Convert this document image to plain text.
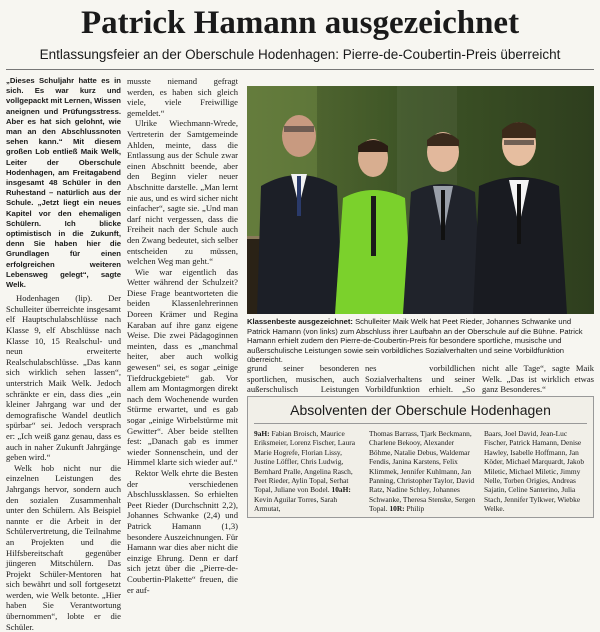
Patrick Hamann ausgezeichnet

Entlassungsfeier an der Oberschule Hodenhagen: Pierre-de-Coubertin-Preis überreicht

„Dieses Schuljahr hatte es in sich. Es war kurz und vollgepackt mit Lernen, Wissen aneignen und Prüfungsstress. Aber es hat sich gelohnt, wie man an den Abschlussnoten sehen kann.“ Mit diesem großen Lob entließ Maik Welk, Leiter der Oberschule Hodenhagen, am Freitagabend insgesamt 48 Schüler in den Ruhestand – natürlich aus der Schule. „Jetzt liegt ein neues Kapitel vor den ehemaligen Schülern. Ich blicke optimistisch in die Zukunft, denn Sie haben hier die Grundlagen für einen erfolgreichen weiteren Lebensweg gelegt“, sagte Welk.

Hodenhagen (lip). Der Schulleiter überreichte insgesamt elf Hauptschulabschlüsse nach Klasse 9, elf Abschlüsse nach Klasse 10, 15 Realschul- und neun erweiterte Realschulabschlüsse. „Das kann sich wirklich sehen lassen“, unterstrich Maik Welk. Jedoch schränkte er ein, dass dies „ein kleiner Jahrgang war und der demografische Wandel deutlich spürbar“ sei. Jedoch versprach er: „Ich weiß ganz genau, dass es auch in naher Zukunft Jahrgänge geben wird.“

Welk hob nicht nur die einzelnen Leistungen des Jahrgangs hervor, sondern auch den sozialen Zusammenhalt unter den Schülern. Als Beispiel nannte er die Arbeit in der Schülervertretung, die Teilnahme an Projekten und die Hilfsbereitschaft gegenüber jüngeren Mitschülern. Das Projekt Schüler-Mentoren hat sich bewährt und soll fortgesetzt werden, wie Welk betonte. „Hier haben Sie Verantwortung übernommen“, lobte er die Schüler.

musste niemand gefragt werden, es haben sich gleich viele, viele Freiwillige gemeldet.“

Ulrike Wiechmann-Wrede, Vertreterin der Samtgemeinde Ahlden, meinte, dass die Entlassung aus der Schule zwar einen Abschnitt beende, aber den Beginn vieler neuer Abschnitte darstelle. „Man lernt nie aus, und es wird sicher nicht einfacher“, sagte sie. „Und man darf nicht vergessen, dass die Freiheit nach der Schule auch den Zwang bedeutet, sich selber entscheiden zu müssen, welchen Weg man geht.“

Wie war eigentlich das Wetter während der Schulzeit? Diese Frage beantworteten die beiden Klassenlehrerinnen Doreen Krämer und Regina Karaban auf ihre ganz eigene Weise. Die zwei Pädagoginnen meinten, dass es „manchmal heiter, aber auch wolkig gewesen“ sei, es sogar „einige Tiefdruckgebiete“ gab. Vor allem am Montagmorgen direkt nach dem Wochenende wurden Stürme erwartet, und es gab sogar „einige Wirbelstürme mit Gewitter“. Aber beide stellten fest: „Danach gab es immer wieder Sonnenschein, und der Himmel klarte sich wieder auf.“

Rektor Welk ehrte die Besten der verschiedenen Abschlussklassen. So erhielten Peet Rieder (Durchschnitt 2,2), Johannes Schwanke (2,4) und Patrick Hamann (1,3) besondere Auszeichnungen. Für Hamann war dies aber nicht die einzige Ehrung. Denn er darf sich jetzt über die „Pierre-de-Coubertin-Plakette“ freuen, die er auf-

Klassenbeste ausgezeichnet: Schulleiter Maik Welk hat Peet Rieder, Johannes Schwanke und Patrick Hamann (von links) zum Abschluss ihrer Laufbahn an der Oberschule auf die Bühne. Patrick Hamann erhielt zudem den Pierre-de-Coubertin-Preis für besondere sportliche, musische und außerschulische Leistungen sowie sein vorbildliches Sozialverhalten und seine Vorbildfunktion überreicht.

grund seiner besonderen sportlichen, musischen, auch außerschulisch Leistungen

nes vorbildlichen Sozialverhaltens und seiner Vorbildfunktion erhielt. „So

nicht alle Tage“, sagte Maik Welk. „Das ist wirklich etwas ganz Besonderes.“

Absolventen der Oberschule Hodenhagen

9aH: Fabian Broisch, Maurice Eriksmeier, Lorenz Fischer, Laura Marie Hogrefe, Florian Lissy, Justine Löffler, Chris Ludwig, Bernhard Pralle, Angelina Rasch, Peet Rieder, Aylin Topal, Serhat Topal, Juliane von Bodel. 10aH: Kevin Aguilar Torres, Sarah Armutat,

Thomas Barrass, Tjark Beckmann, Charlene Bekooy, Alexander Böhme, Natalie Debus, Waldemar Fendis, Janina Karstens, Felix Klimmek, Jennifer Kuhlmann, Jan Panning, Christopher Taylor, David Ratz, Nadine Schley, Johannes Schwanke, Theresa Stenske, Sergen Topal. 10R: Philip

Baars, Joel David, Jean-Luc Fischer, Patrick Hamann, Denise Hawley, Isabelle Hoffmann, Jan Köder, Michael Marquardt, Jakob Miletic, Michael Miletic, Jimmy Nelle, Torben Origies, Andreas Sajatin, Celine Santerino, Julia Stach, Jennifer Tylkwer, Wiebke Welke.
